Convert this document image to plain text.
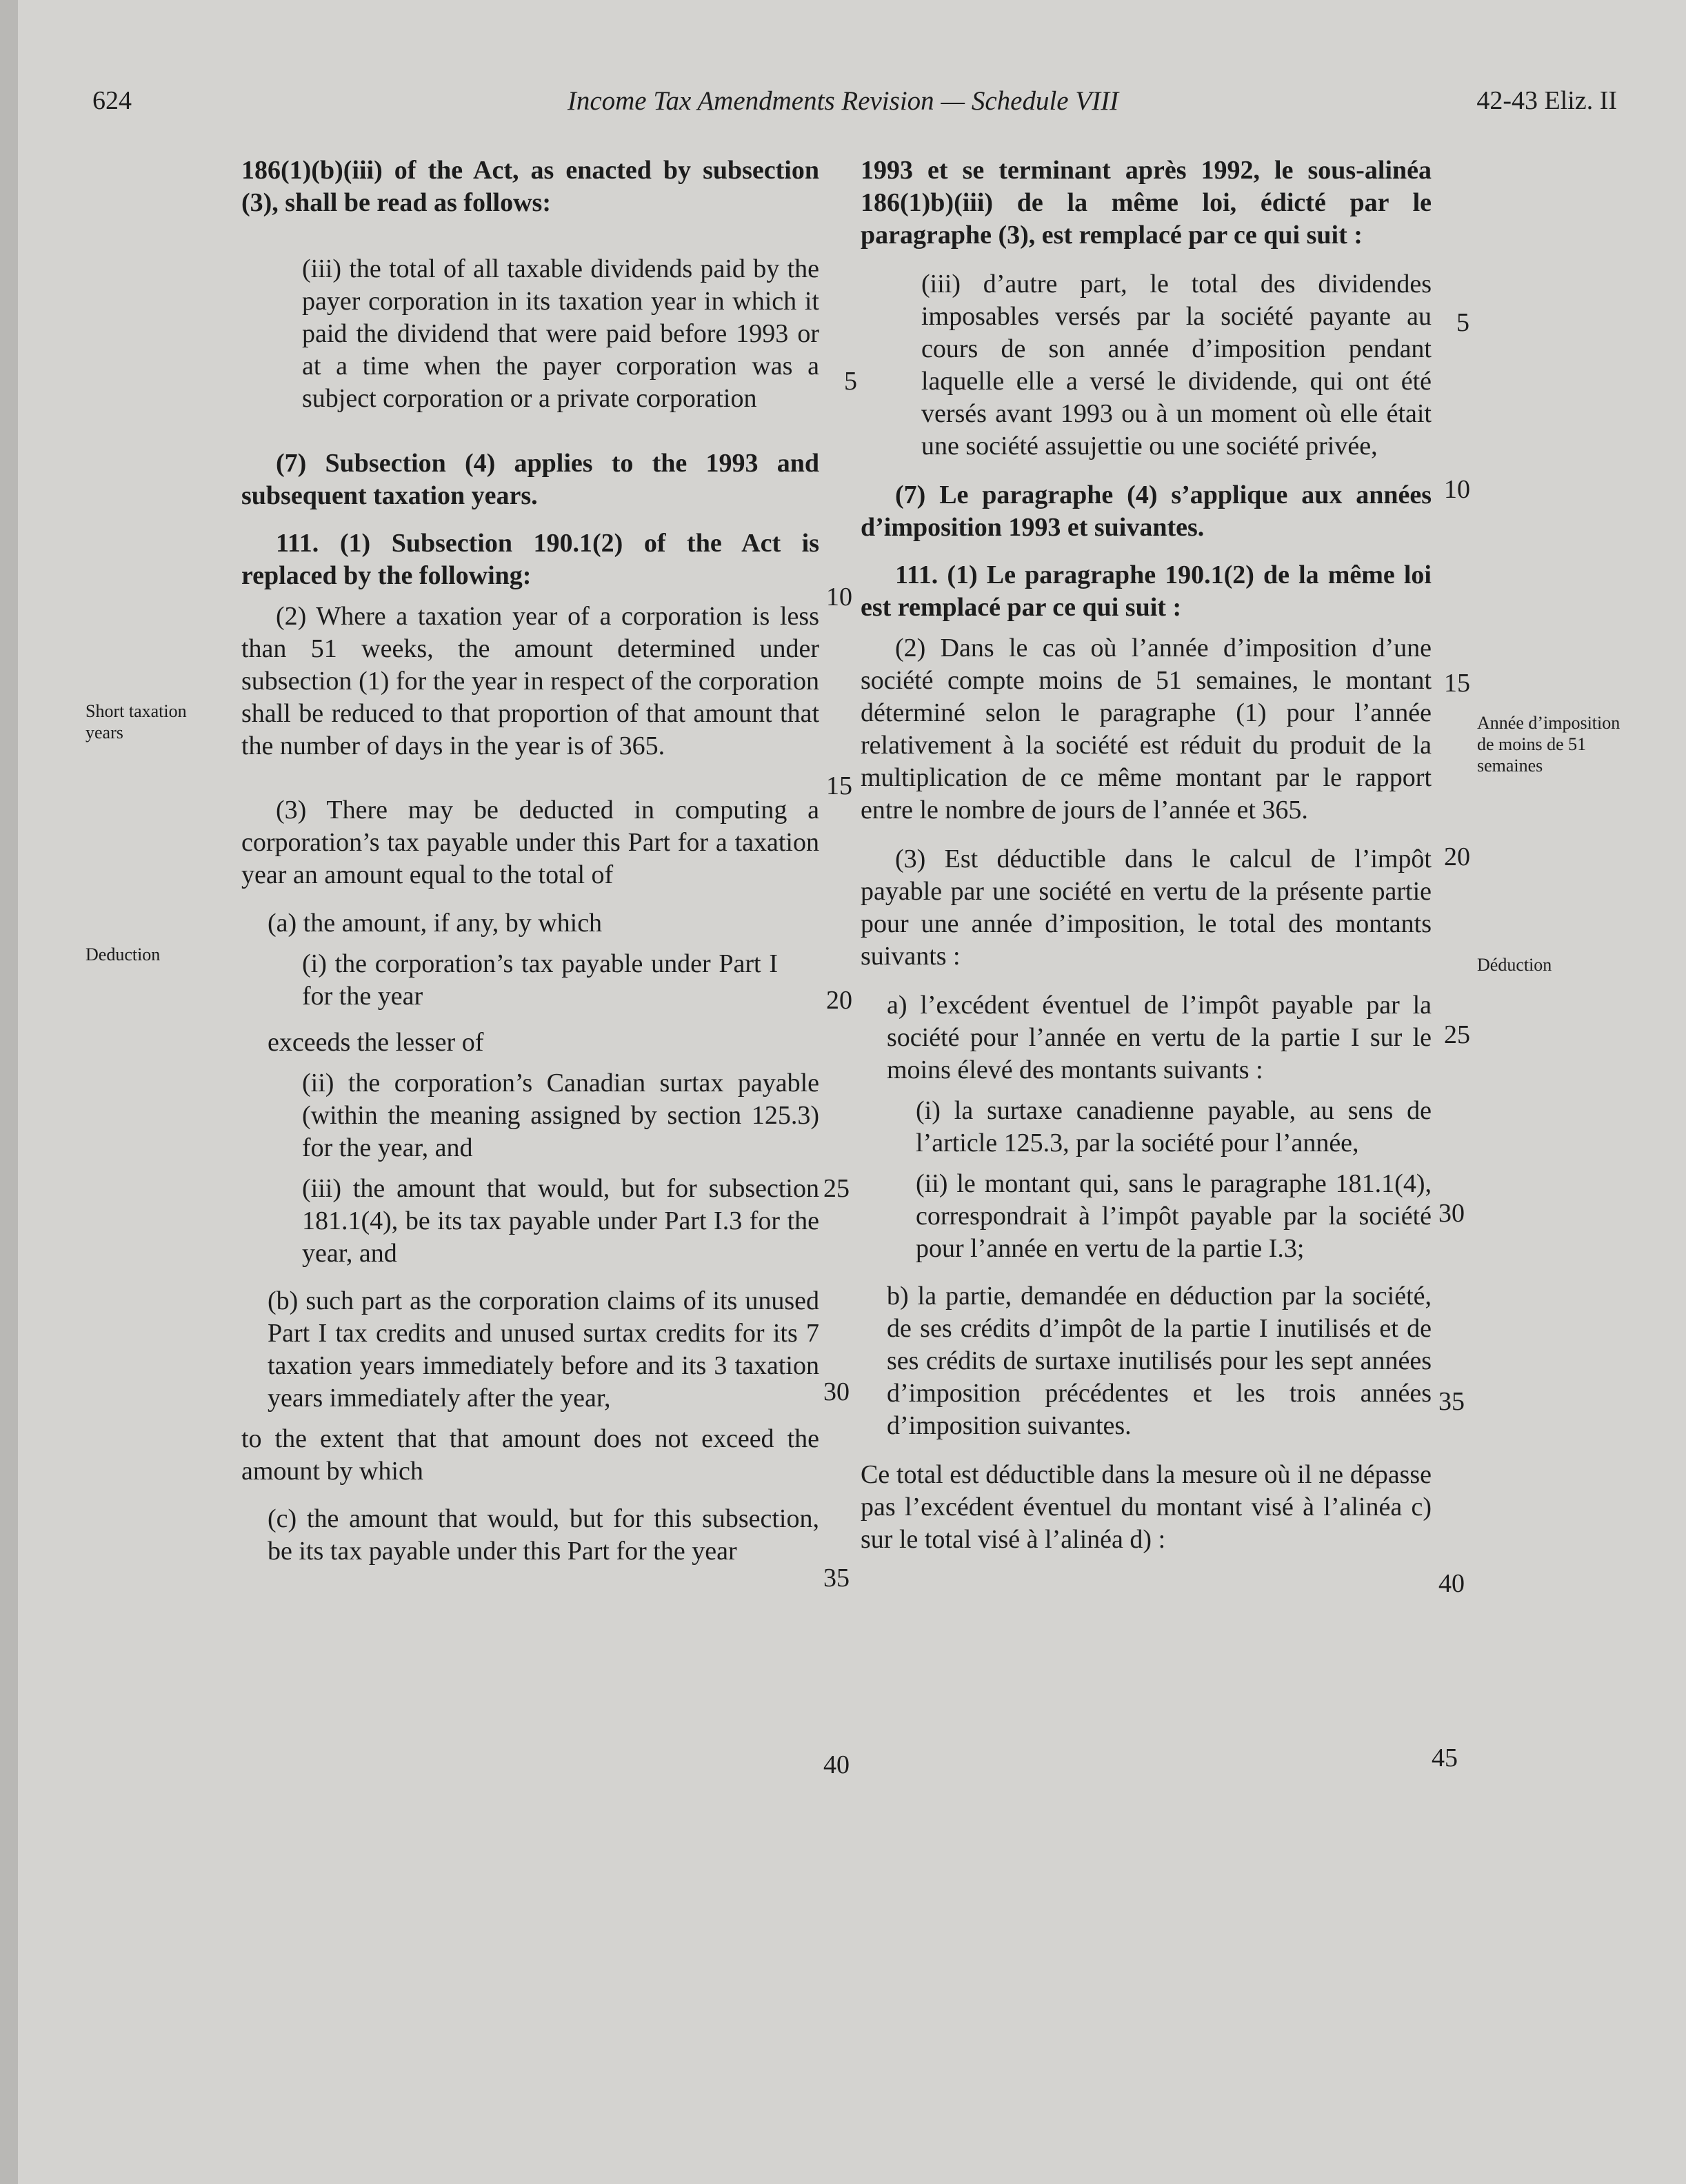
624	Income Tax Amendments Revision — Schedule VIII	42-43 Eliz. II
Short taxation years
Deduction
Année d’imposition de moins de 51 semaines
Déduction

186(1)(b)(iii) of the Act, as enacted by subsection (3), shall be read as follows:

(iii) the total of all taxable dividends paid by the payer corporation in its taxation year in which it paid the dividend that were paid before 1993 or at a time when the payer corporation was a subject corporation or a private corporation

(7) Subsection (4) applies to the 1993 and subsequent taxation years.

111. (1) Subsection 190.1(2) of the Act is replaced by the following:

(2) Where a taxation year of a corporation is less than 51 weeks, the amount determined under subsection (1) for the year in respect of the corporation shall be reduced to that proportion of that amount that the number of days in the year is of 365.

(3) There may be deducted in computing a corporation’s tax payable under this Part for a taxation year an amount equal to the total of

(a) the amount, if any, by which

(i) the corporation’s tax payable under Part I for the year

exceeds the lesser of

(ii) the corporation’s Canadian surtax payable (within the meaning assigned by section 125.3) for the year, and

(iii) the amount that would, but for subsection 181.1(4), be its tax payable under Part I.3 for the year, and

(b) such part as the corporation claims of its unused Part I tax credits and unused surtax credits for its 7 taxation years immediately before and its 3 taxation years immediately after the year,

to the extent that that amount does not exceed the amount by which

(c) the amount that would, but for this subsection, be its tax payable under this Part for the year

1993 et se terminant après 1992, le sous-alinéa 186(1)b)(iii) de la même loi, édicté par le paragraphe (3), est remplacé par ce qui suit :

(iii) d’autre part, le total des dividendes imposables versés par la société payante au cours de son année d’imposition pendant laquelle elle a versé le dividende, qui ont été versés avant 1993 ou à un moment où elle était une société assujettie ou une société privée,

(7) Le paragraphe (4) s’applique aux années d’imposition 1993 et suivantes.

111. (1) Le paragraphe 190.1(2) de la même loi est remplacé par ce qui suit :

(2) Dans le cas où l’année d’imposition d’une société compte moins de 51 semaines, le montant déterminé selon le paragraphe (1) pour l’année relativement à la société est réduit du produit de la multiplication de ce même montant par le rapport entre le nombre de jours de l’année et 365.

(3) Est déductible dans le calcul de l’impôt payable par une société en vertu de la présente partie pour une année d’imposition, le total des montants suivants :

a) l’excédent éventuel de l’impôt payable par la société pour l’année en vertu de la partie I sur le moins élevé des montants suivants :

(i) la surtaxe canadienne payable, au sens de l’article 125.3, par la société pour l’année,

(ii) le montant qui, sans le paragraphe 181.1(4), correspondrait à l’impôt payable par la société pour l’année en vertu de la partie I.3;

b) la partie, demandée en déduction par la société, de ses crédits d’impôt de la partie I inutilisés et de ses crédits de surtaxe inutilisés pour les sept années d’imposition précédentes et les trois années d’imposition suivantes.

Ce total est déductible dans la mesure où il ne dépasse pas l’excédent éventuel du montant visé à l’alinéa c) sur le total visé à l’alinéa d) :

5
10
15
20
25
30
35
40
5
10
15
20
25
30
35
40
45
